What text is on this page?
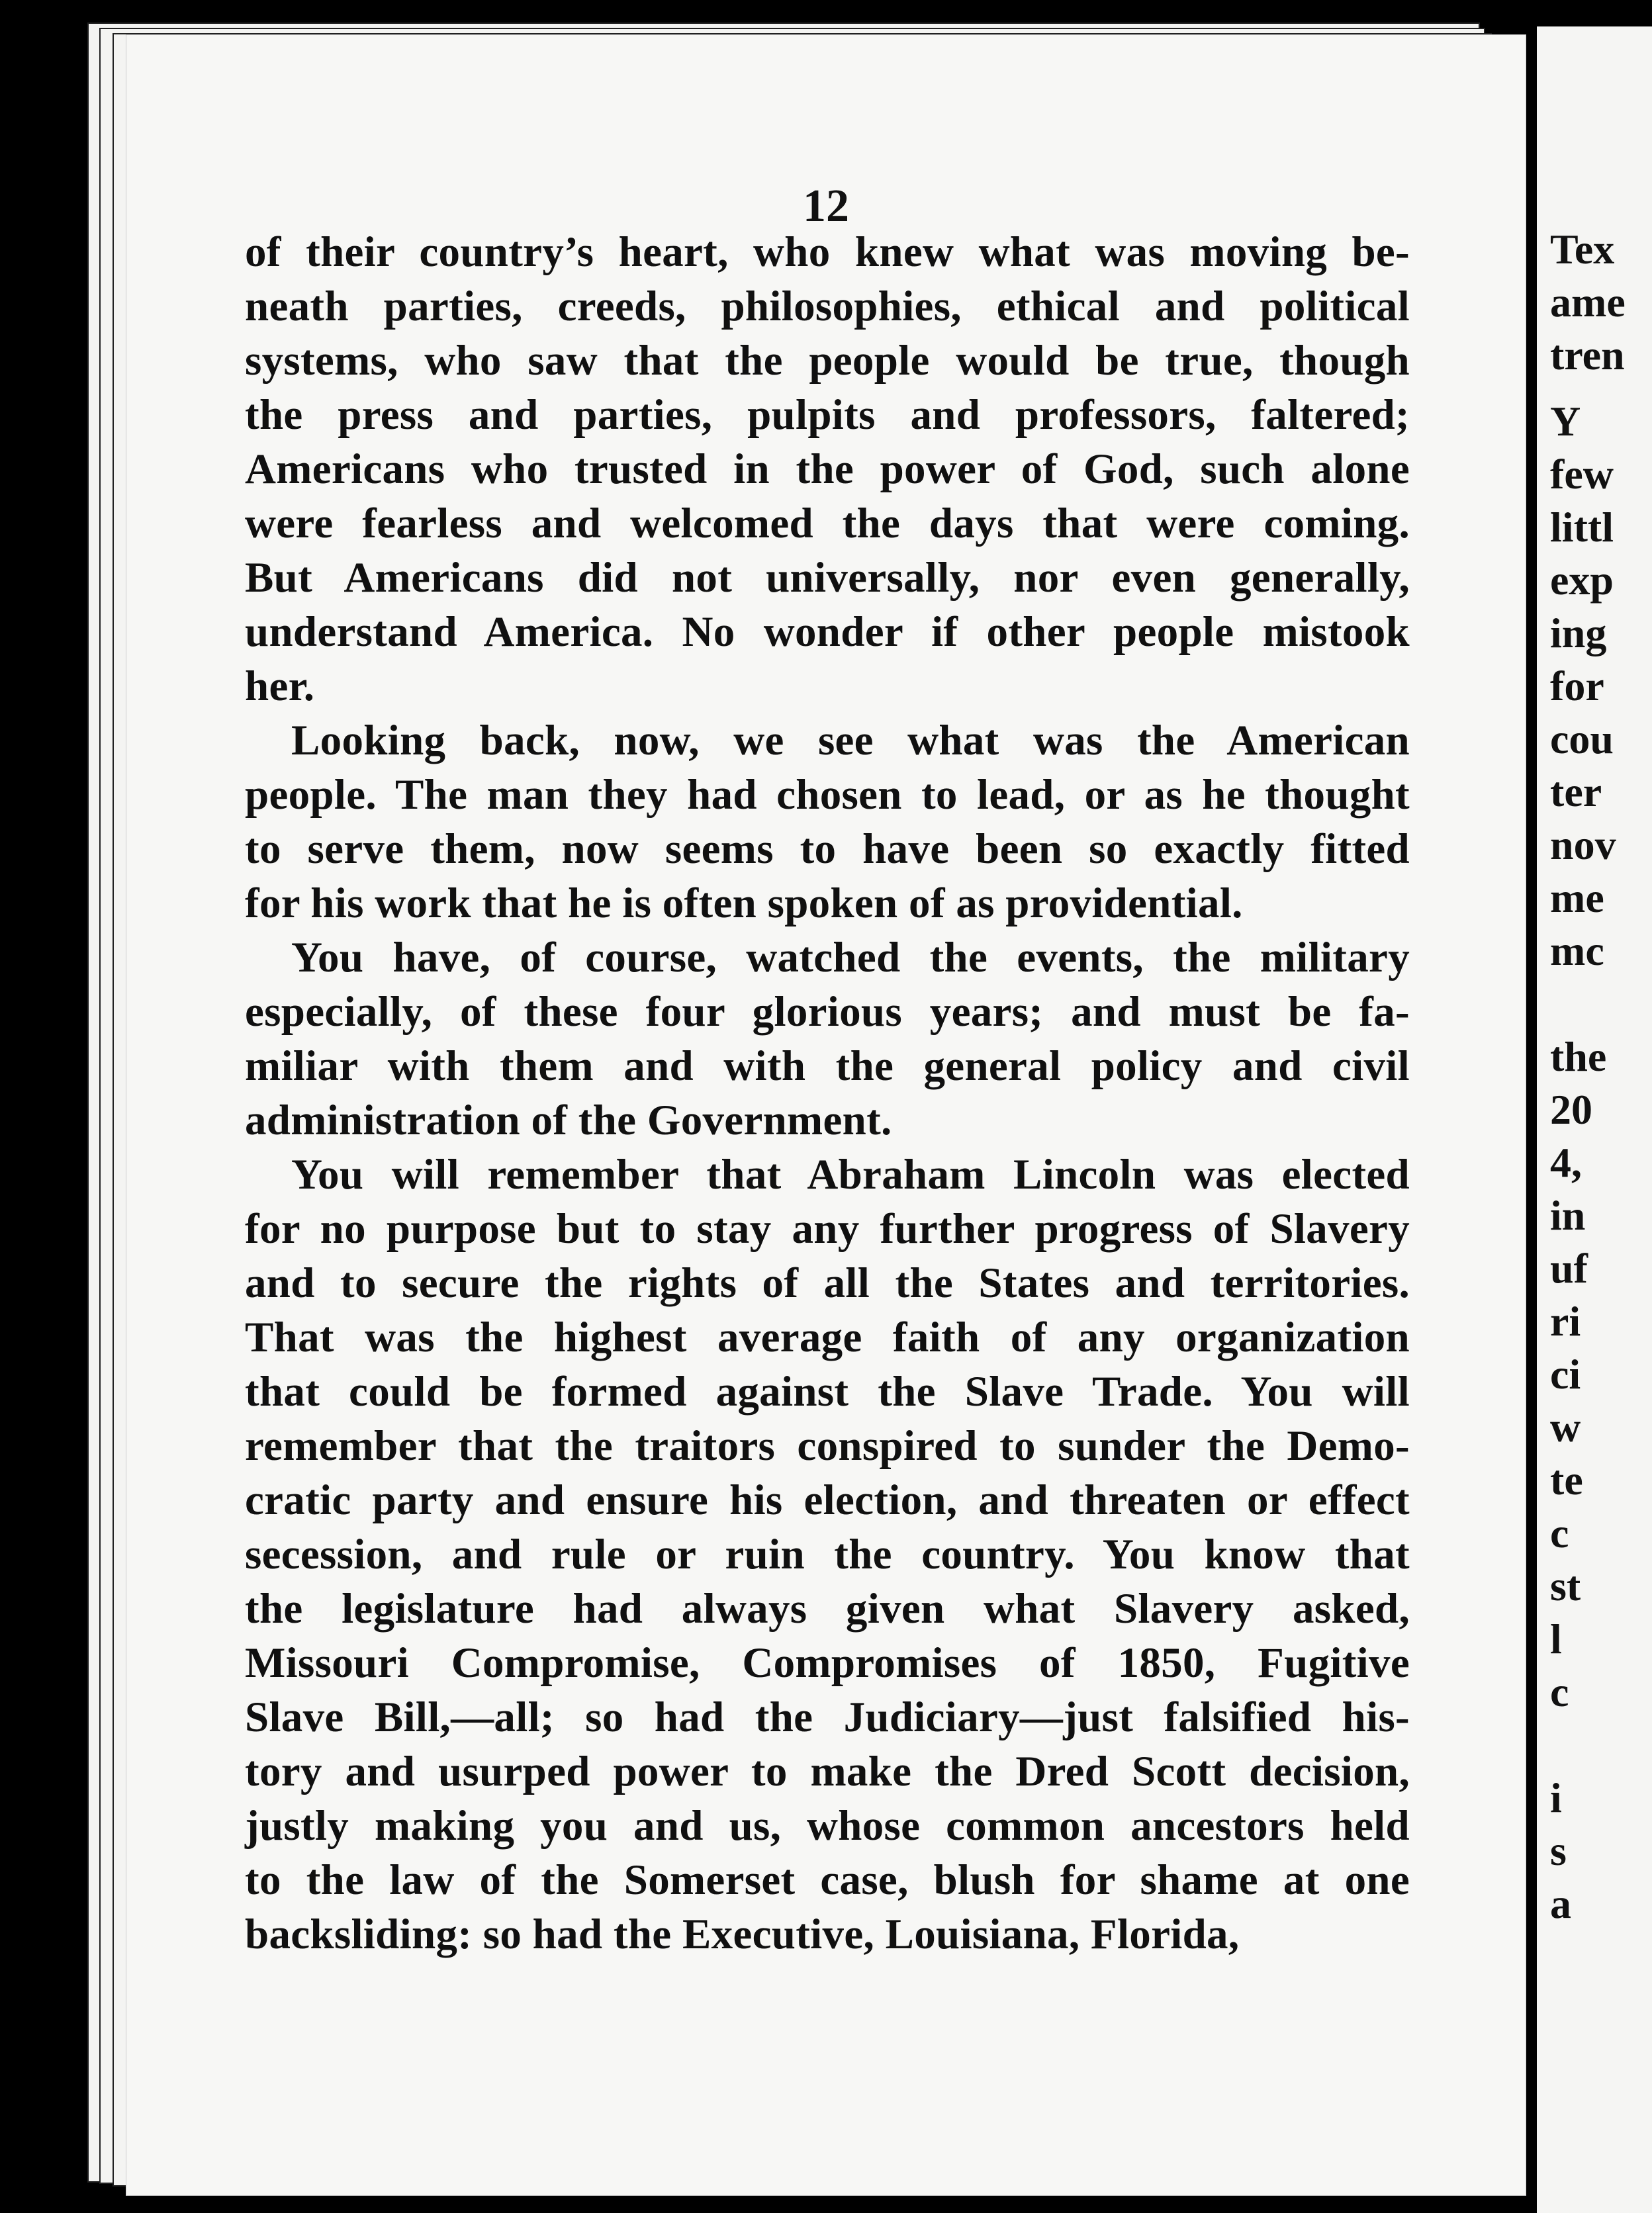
12
of their country’s heart, who knew what was moving be-
neath parties, creeds, philosophies, ethical and political
systems, who saw that the people would be true, though
the press and parties, pulpits and professors, faltered;
Americans who trusted in the power of God, such alone
were fearless and welcomed the days that were coming.
But Americans did not universally, nor even generally,
understand America. No wonder if other people mistook
her.
Looking back, now, we see what was the American
people. The man they had chosen to lead, or as he thought
to serve them, now seems to have been so exactly fitted
for his work that he is often spoken of as providential.
You have, of course, watched the events, the military
especially, of these four glorious years; and must be fa-
miliar with them and with the general policy and civil
administration of the Government.
You will remember that Abraham Lincoln was elected
for no purpose but to stay any further progress of Slavery
and to secure the rights of all the States and territories.
That was the highest average faith of any organization
that could be formed against the Slave Trade. You will
remember that the traitors conspired to sunder the Demo-
cratic party and ensure his election, and threaten or effect
secession, and rule or ruin the country. You know that
the legislature had always given what Slavery asked,
Missouri Compromise, Compromises of 1850, Fugitive
Slave Bill,—all; so had the Judiciary—just falsified his-
tory and usurped power to make the Dred Scott decision,
justly making you and us, whose common ancestors held
to the law of the Somerset case, blush for shame at one
backsliding: so had the Executive, Louisiana, Florida,
Tex
ame
tren
Y
few
littl
exp
ing
for
cou
ter
nov
me
mc
the
20
4,
in
uf
ri
ci
w
te
c
st
l
c
i
s
a
